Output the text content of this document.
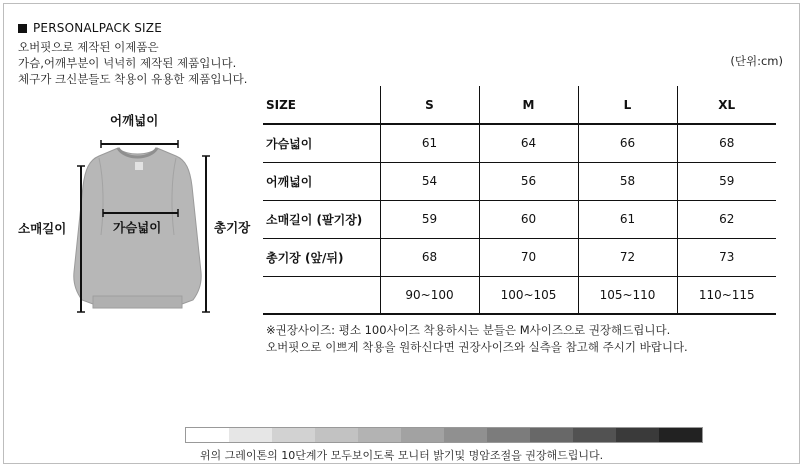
PERSONALPACK SIZE
오버핏으로 제작된 이제품은
가슴,어깨부분이 넉넉히 제작된 제품입니다.
체구가 크신분들도 착용이 유용한 제품입니다.
(단위:cm)
어깨넓이
가슴넓이
소매길이	총기장
SIZE	S	M	L	XL
가슴넓이	61	64	66	68
어깨넓이	54	56	58	59
소매길이 (팔기장)	59	60	61	62
총기장 (앞/뒤)	68	70	72	73
	90~100	100~105	105~110	110~115
※권장사이즈: 평소 100사이즈 착용하시는 분들은 M사이즈으로 권장해드립니다.
오버핏으로 이쁘게 착용을 원하신다면 권장사이즈와 실측을 참고해 주시기 바랍니다.
위의 그레이톤의 10단계가 모두보이도록 모니터 밝기및 명암조절을 권장해드립니다.
